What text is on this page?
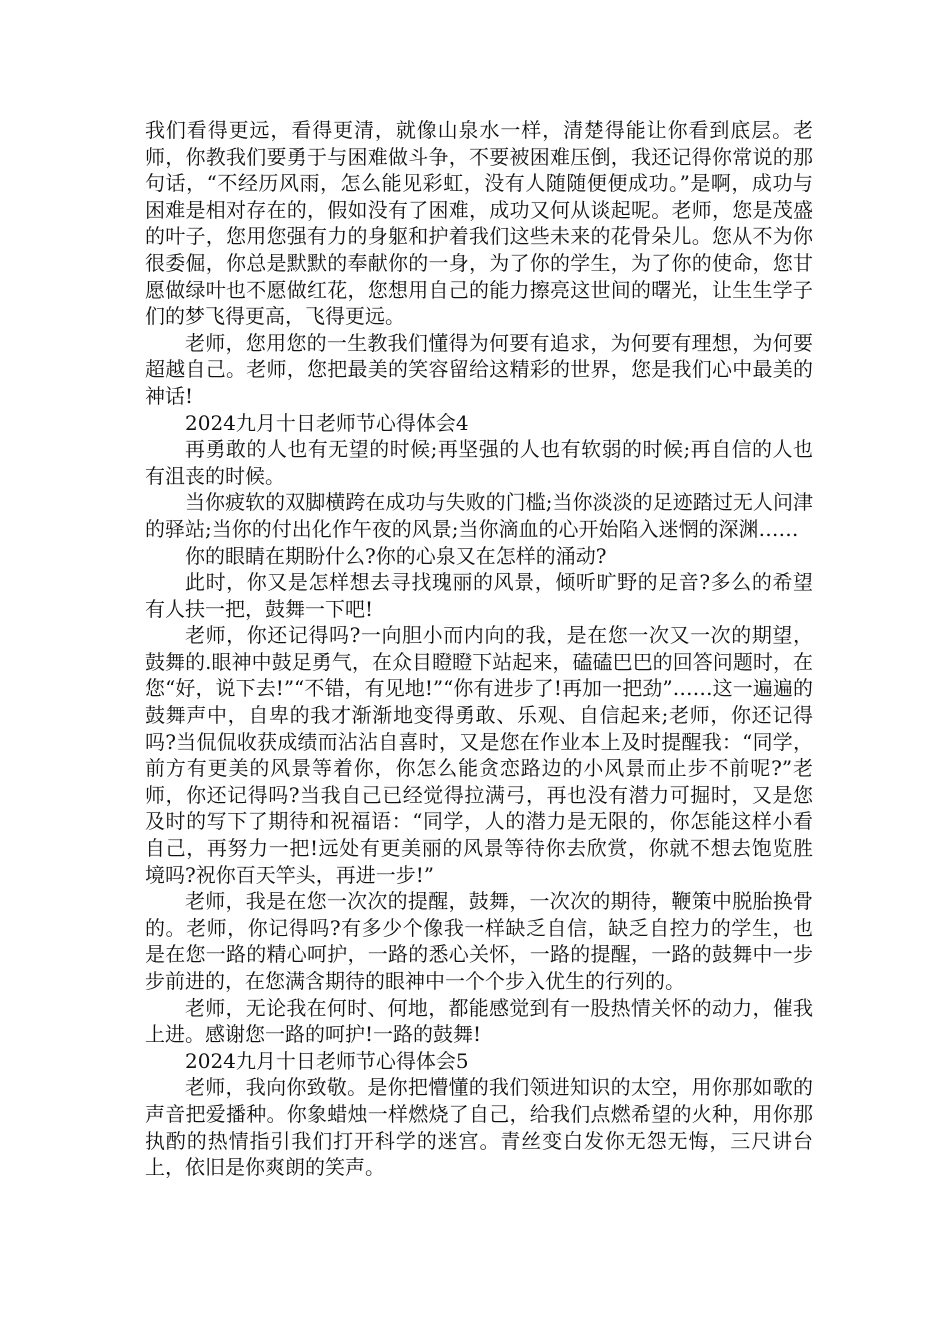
我们看得更远，看得更清，就像山泉水一样，清楚得能让你看到底层。老师，你教我们要勇于与困难做斗争，不要被困难压倒，我还记得你常说的那句话，“不经历风雨，怎么能见彩虹，没有人随随便便成功。”是啊，成功与困难是相对存在的，假如没有了困难，成功又何从谈起呢。老师，您是茂盛的叶子，您用您强有力的身躯和护着我们这些未来的花骨朵儿。您从不为你很委倔，你总是默默的奉献你的一身，为了你的学生，为了你的使命，您甘愿做绿叶也不愿做红花，您想用自己的能力擦亮这世间的曙光，让生生学子们的梦飞得更高，飞得更远。

老师，您用您的一生教我们懂得为何要有追求，为何要有理想，为何要超越自己。老师，您把最美的笑容留给这精彩的世界，您是我们心中最美的神话!

2024九月十日老师节心得体会4

再勇敢的人也有无望的时候;再坚强的人也有软弱的时候;再自信的人也有沮丧的时候。

当你疲软的双脚横跨在成功与失败的门槛;当你淡淡的足迹踏过无人问津的驿站;当你的付出化作午夜的风景;当你滴血的心开始陷入迷惘的深渊……

你的眼睛在期盼什么?你的心泉又在怎样的涌动?

此时，你又是怎样想去寻找瑰丽的风景，倾听旷野的足音?多么的希望有人扶一把，鼓舞一下吧!

老师，你还记得吗?一向胆小而内向的我，是在您一次又一次的期望，鼓舞的.眼神中鼓足勇气，在众目瞪瞪下站起来，磕磕巴巴的回答问题时，在您“好，说下去!”“不错，有见地!”“你有进步了!再加一把劲”……这一遍遍的鼓舞声中，自卑的我才渐渐地变得勇敢、乐观、自信起来;老师，你还记得吗?当侃侃收获成绩而沾沾自喜时，又是您在作业本上及时提醒我：“同学，前方有更美的风景等着你，你怎么能贪恋路边的小风景而止步不前呢?”老师，你还记得吗?当我自己已经觉得拉满弓，再也没有潜力可掘时，又是您及时的写下了期待和祝福语：“同学，人的潜力是无限的，你怎能这样小看自己，再努力一把!远处有更美丽的风景等待你去欣赏，你就不想去饱览胜境吗?祝你百天竿头，再进一步!”

老师，我是在您一次次的提醒，鼓舞，一次次的期待，鞭策中脱胎换骨的。老师，你记得吗?有多少个像我一样缺乏自信，缺乏自控力的学生，也是在您一路的精心呵护，一路的悉心关怀，一路的提醒，一路的鼓舞中一步步前进的，在您满含期待的眼神中一个个步入优生的行列的。

老师，无论我在何时、何地，都能感觉到有一股热情关怀的动力，催我上进。感谢您一路的呵护!一路的鼓舞!

2024九月十日老师节心得体会5

老师，我向你致敬。是你把懵懂的我们领进知识的太空，用你那如歌的声音把爱播种。你象蜡烛一样燃烧了自己，给我们点燃希望的火种，用你那执酌的热情指引我们打开科学的迷宫。青丝变白发你无怨无悔，三尺讲台上，依旧是你爽朗的笑声。
